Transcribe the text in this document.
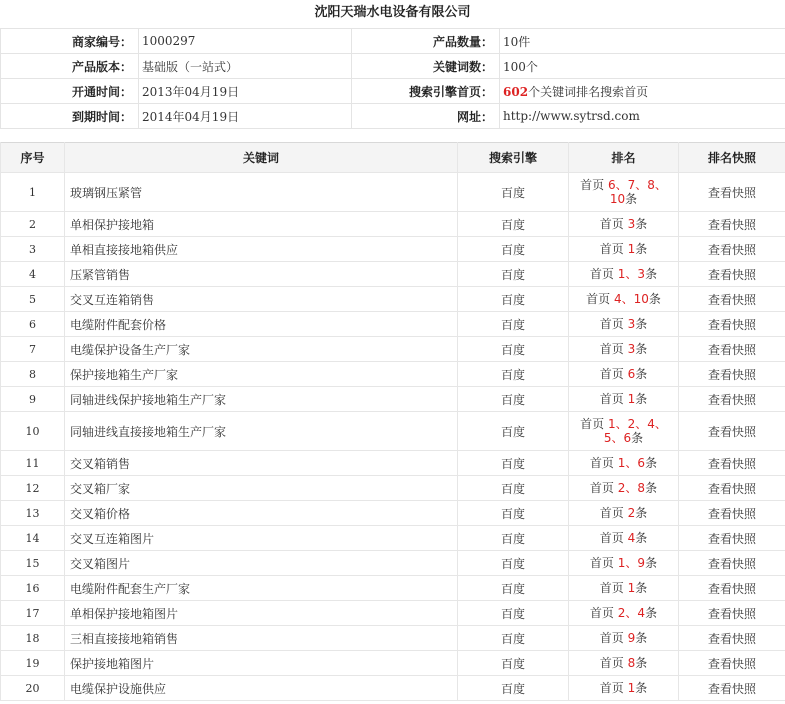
沈阳天瑞水电设备有限公司
商家编号：	1000297	产品数量：	10件
产品版本：	基础版（一站式）	关键词数：	100个
开通时间：	2013年04月19日	搜索引擎首页：	602个关键词排名搜索首页
到期时间：	2014年04月19日	网址：	http://www.sytrsd.com
序号	关键词	搜索引擎	排名	排名快照
1	玻璃钢压紧管	百度	首页 6、7、8、10条	查看快照
2	单相保护接地箱	百度	首页 3条	查看快照
3	单相直接接地箱供应	百度	首页 1条	查看快照
4	压紧管销售	百度	首页 1、3条	查看快照
5	交叉互连箱销售	百度	首页 4、10条	查看快照
6	电缆附件配套价格	百度	首页 3条	查看快照
7	电缆保护设备生产厂家	百度	首页 3条	查看快照
8	保护接地箱生产厂家	百度	首页 6条	查看快照
9	同轴进线保护接地箱生产厂家	百度	首页 1条	查看快照
10	同轴进线直接接地箱生产厂家	百度	首页 1、2、4、5、6条	查看快照
11	交叉箱销售	百度	首页 1、6条	查看快照
12	交叉箱厂家	百度	首页 2、8条	查看快照
13	交叉箱价格	百度	首页 2条	查看快照
14	交叉互连箱图片	百度	首页 4条	查看快照
15	交叉箱图片	百度	首页 1、9条	查看快照
16	电缆附件配套生产厂家	百度	首页 1条	查看快照
17	单相保护接地箱图片	百度	首页 2、4条	查看快照
18	三相直接接地箱销售	百度	首页 9条	查看快照
19	保护接地箱图片	百度	首页 8条	查看快照
20	电缆保护设施供应	百度	首页 1条	查看快照
